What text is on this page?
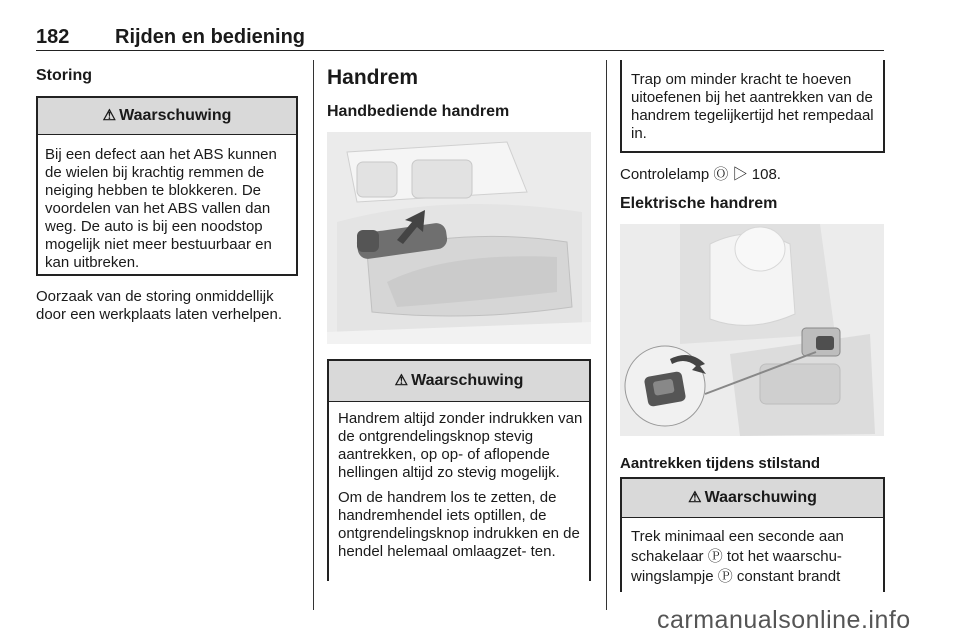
182 Rijden en bediening
Storing
⚠ Waarschuwing
Bij een defect aan het ABS kunnen de wielen bij krachtig remmen de neiging hebben te blokkeren. De voordelen van het ABS vallen dan weg. De auto is bij een noodstop mogelijk niet meer bestuurbaar en kan uitbreken.
Oorzaak van de storing onmiddellijk door een werkplaats laten verhelpen.
Handrem
Handbediende handrem
⚠ Waarschuwing
Handrem altijd zonder indrukken van de ontgrendelingsknop stevig aantrekken, op op- of aflopende hellingen altijd zo stevig mogelijk.
Om de handrem los te zetten, de handremhendel iets optillen, de ontgrendelingsknop indrukken en de hendel helemaal omlaagzet- ten.
Trap om minder kracht te hoeven uitoefenen bij het aantrekken van de handrem tegelijkertijd het rempedaal in.
Controlelamp Ⓞ ▷ 108.
Elektrische handrem
Aantrekken tijdens stilstand
⚠ Waarschuwing
Trek minimaal een seconde aan
schakelaar Ⓟ tot het waarschu-
wingslampje Ⓟ constant brandt
carmanualsonline.info
